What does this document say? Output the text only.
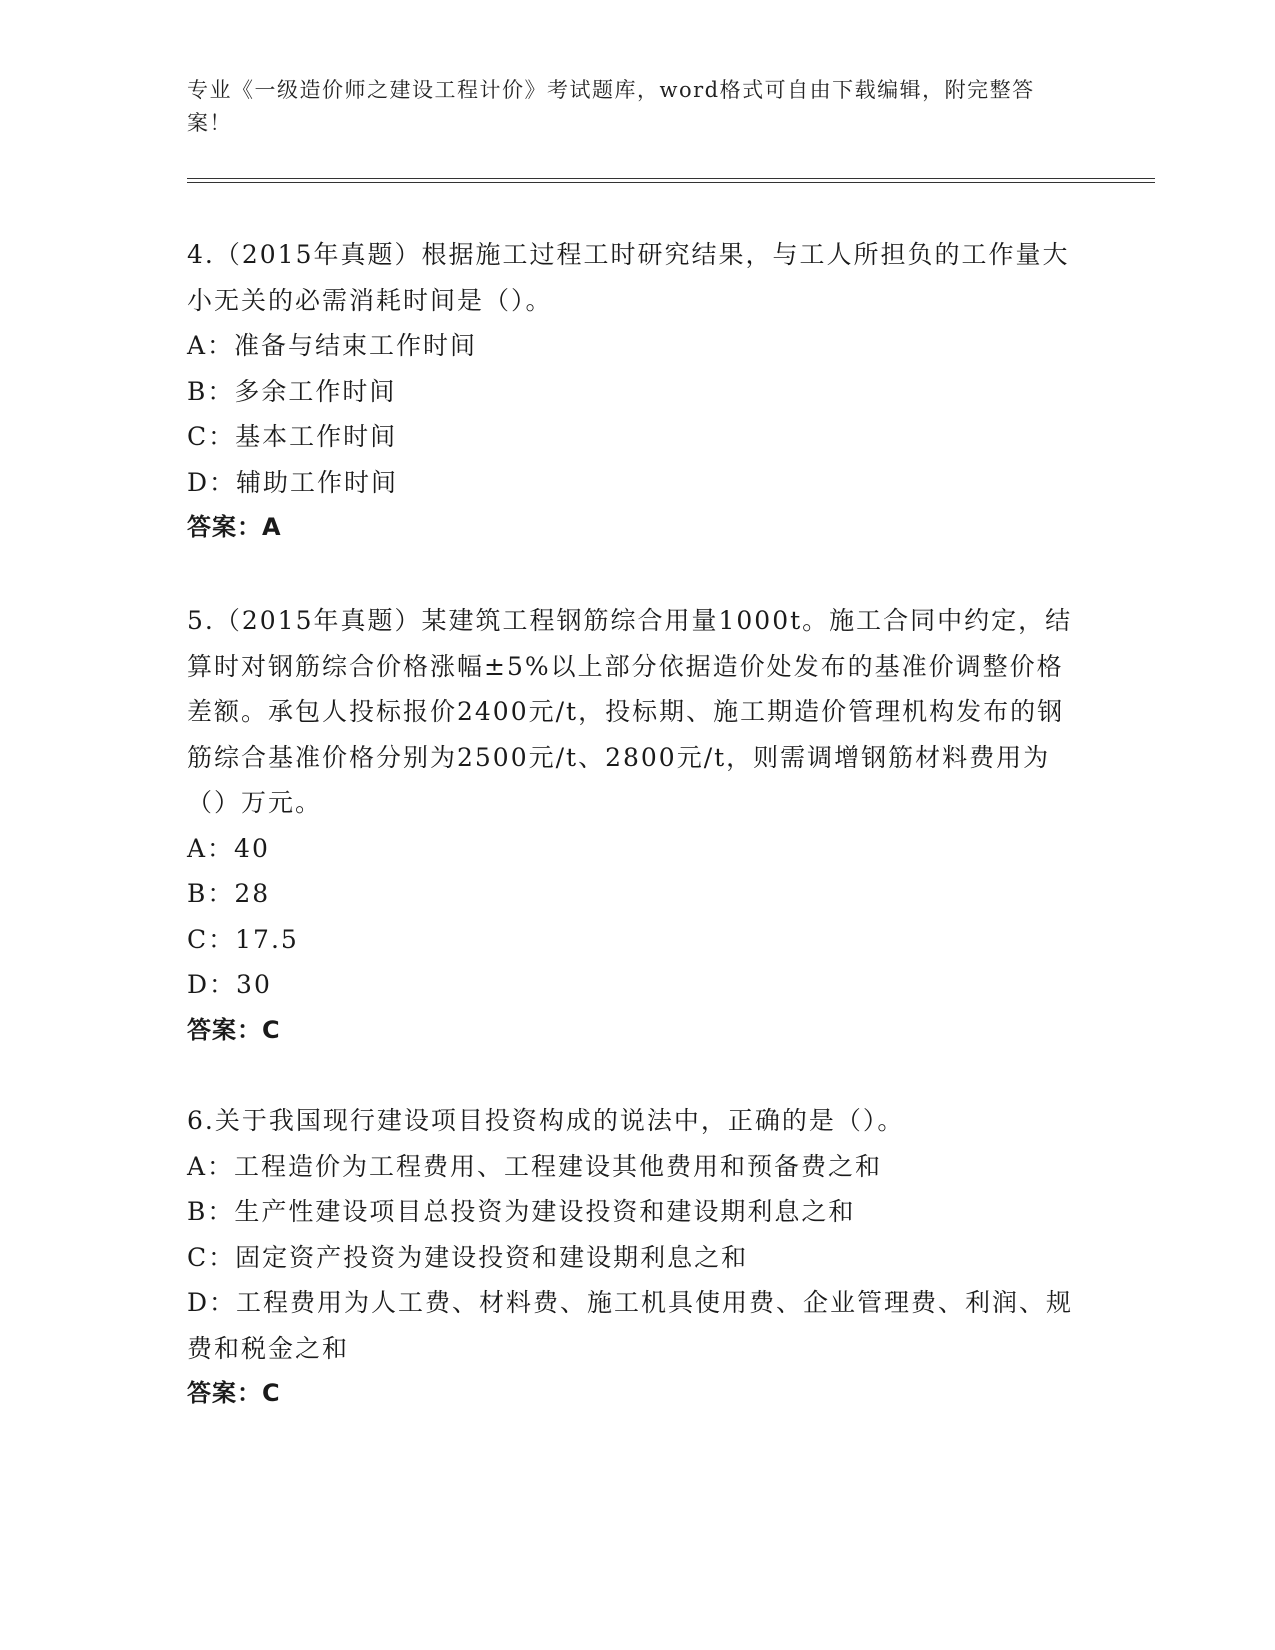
专业《一级造价师之建设工程计价》考试题库，word格式可自由下载编辑，附完整答案！

4.（2015年真题）根据施工过程工时研究结果，与工人所担负的工作量大小无关的必需消耗时间是（）。

A：准备与结束工作时间

B：多余工作时间

C：基本工作时间

D：辅助工作时间

答案：A

5.（2015年真题）某建筑工程钢筋综合用量1000t。施工合同中约定，结算时对钢筋综合价格涨幅±5%以上部分依据造价处发布的基准价调整价格差额。承包人投标报价2400元/t，投标期、施工期造价管理机构发布的钢筋综合基准价格分别为2500元/t、2800元/t，则需调增钢筋材料费用为（）万元。

A：40

B：28

C：17.5

D：30

答案：C

6.关于我国现行建设项目投资构成的说法中，正确的是（）。

A：工程造价为工程费用、工程建设其他费用和预备费之和

B：生产性建设项目总投资为建设投资和建设期利息之和

C：固定资产投资为建设投资和建设期利息之和

D：工程费用为人工费、材料费、施工机具使用费、企业管理费、利润、规费和税金之和

答案：C
